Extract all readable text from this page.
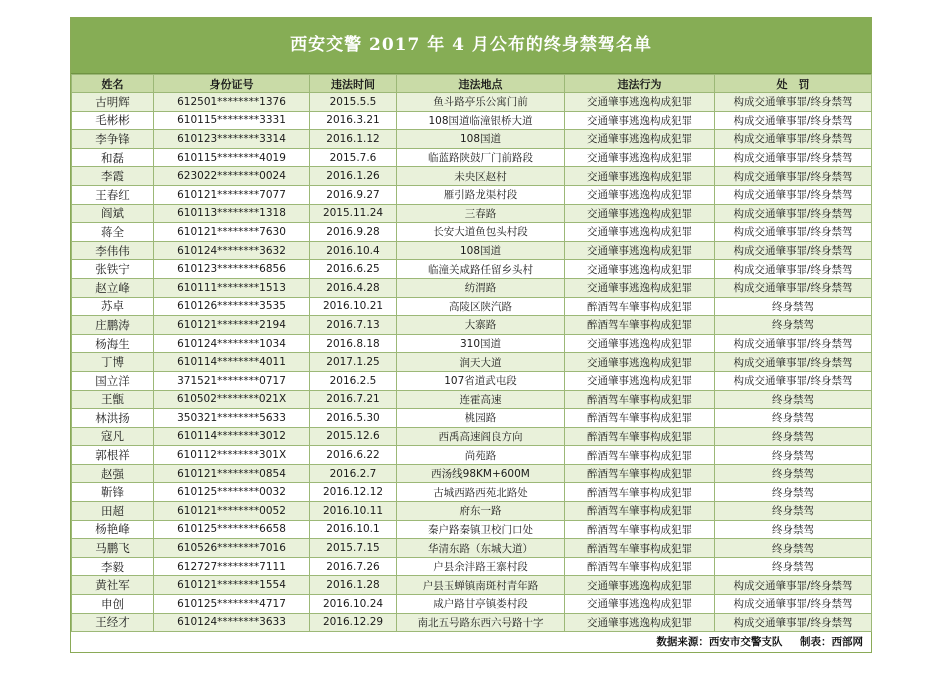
西安交警 2017 年 4 月公布的终身禁驾名单
姓名	身份证号	违法时间	违法地点	违法行为	处　罚
古明辉	612501********1376	2015.5.5	鱼斗路亭乐公寓门前	交通肇事逃逸构成犯罪	构成交通肇事罪/终身禁驾
毛彬彬	610115********3331	2016.3.21	108国道临潼银桥大道	交通肇事逃逸构成犯罪	构成交通肇事罪/终身禁驾
李争锋	610123********3314	2016.1.12	108国道	交通肇事逃逸构成犯罪	构成交通肇事罪/终身禁驾
和磊	610115********4019	2015.7.6	临蓝路陕鼓厂门前路段	交通肇事逃逸构成犯罪	构成交通肇事罪/终身禁驾
李霞	623022********0024	2016.1.26	未央区赵村	交通肇事逃逸构成犯罪	构成交通肇事罪/终身禁驾
王春红	610121********7077	2016.9.27	雁引路龙渠村段	交通肇事逃逸构成犯罪	构成交通肇事罪/终身禁驾
阎斌	610113********1318	2015.11.24	三春路	交通肇事逃逸构成犯罪	构成交通肇事罪/终身禁驾
蒋全	610121********7630	2016.9.28	长安大道鱼包头村段	交通肇事逃逸构成犯罪	构成交通肇事罪/终身禁驾
李伟伟	610124********3632	2016.10.4	108国道	交通肇事逃逸构成犯罪	构成交通肇事罪/终身禁驾
张铁宁	610123********6856	2016.6.25	临潼关咸路任留乡头村	交通肇事逃逸构成犯罪	构成交通肇事罪/终身禁驾
赵立峰	610111********1513	2016.4.28	纺渭路	交通肇事逃逸构成犯罪	构成交通肇事罪/终身禁驾
苏卓	610126********3535	2016.10.21	高陵区陕汽路	醉酒驾车肇事构成犯罪	终身禁驾
庄鹏涛	610121********2194	2016.7.13	大寨路	醉酒驾车肇事构成犯罪	终身禁驾
杨海生	610124********1034	2016.8.18	310国道	交通肇事逃逸构成犯罪	构成交通肇事罪/终身禁驾
丁博	610114********4011	2017.1.25	润天大道	交通肇事逃逸构成犯罪	构成交通肇事罪/终身禁驾
国立洋	371521********0717	2016.2.5	107省道武屯段	交通肇事逃逸构成犯罪	构成交通肇事罪/终身禁驾
王甑	610502********021X	2016.7.21	连霍高速	醉酒驾车肇事构成犯罪	终身禁驾
林洪扬	350321********5633	2016.5.30	桃园路	醉酒驾车肇事构成犯罪	终身禁驾
寇凡	610114********3012	2015.12.6	西禹高速阎良方向	醉酒驾车肇事构成犯罪	终身禁驾
郭根祥	610112********301X	2016.6.22	尚苑路	醉酒驾车肇事构成犯罪	终身禁驾
赵强	610121********0854	2016.2.7	西汤线98KM+600M	醉酒驾车肇事构成犯罪	终身禁驾
靳锋	610125********0032	2016.12.12	古城西路西苑北路处	醉酒驾车肇事构成犯罪	终身禁驾
田超	610121********0052	2016.10.11	府东一路	醉酒驾车肇事构成犯罪	终身禁驾
杨艳峰	610125********6658	2016.10.1	秦户路秦镇卫校门口处	醉酒驾车肇事构成犯罪	终身禁驾
马鹏飞	610526********7016	2015.7.15	华清东路（东城大道）	醉酒驾车肇事构成犯罪	终身禁驾
李毅	612727********7111	2016.7.26	户县余沣路王寨村段	醉酒驾车肇事构成犯罪	终身禁驾
黄社军	610121********1554	2016.1.28	户县玉蝉镇南斑村青年路	交通肇事逃逸构成犯罪	构成交通肇事罪/终身禁驾
申创	610125********4717	2016.10.24	咸户路甘亭镇娄村段	交通肇事逃逸构成犯罪	构成交通肇事罪/终身禁驾
王经才	610124********3633	2016.12.29	南北五号路东西六号路十字	交通肇事逃逸构成犯罪	构成交通肇事罪/终身禁驾
数据来源：西安市交警支队 制表：西部网
